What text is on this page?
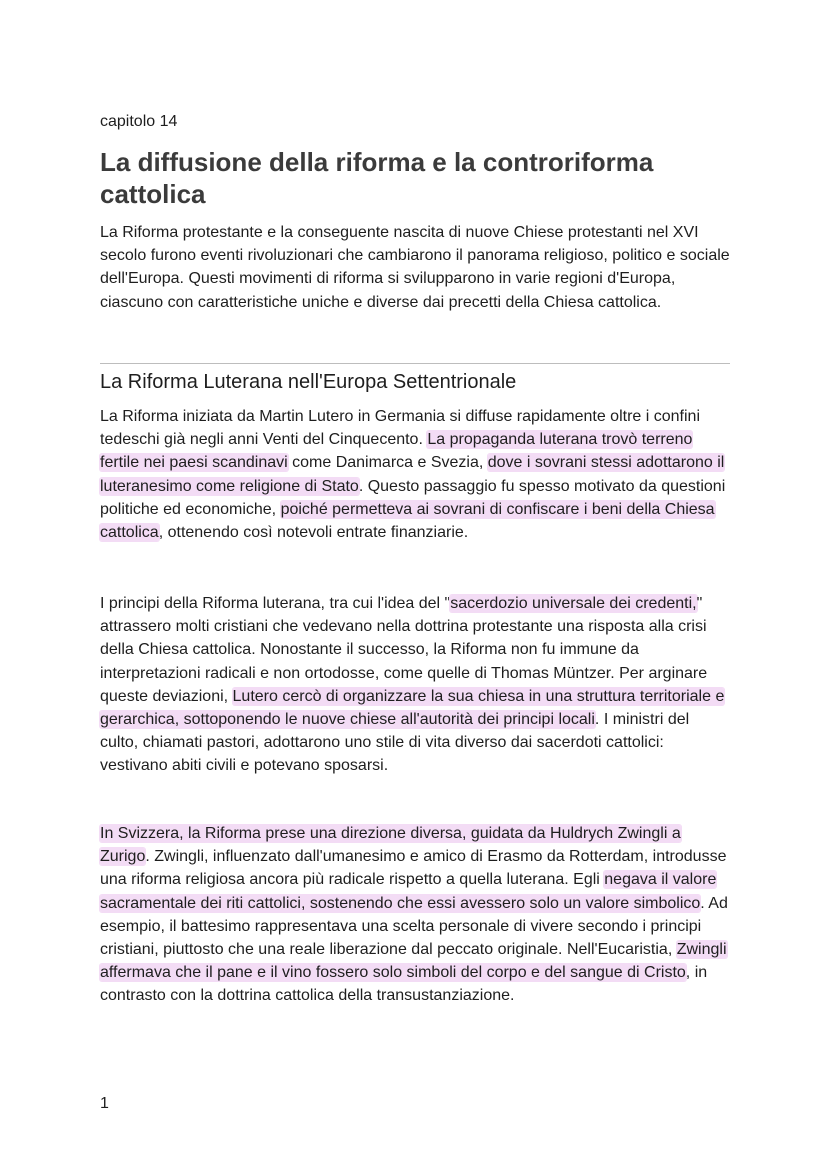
capitolo 14
La diffusione della riforma e la controriforma cattolica

La Riforma protestante e la conseguente nascita di nuove Chiese protestanti nel XVI secolo furono eventi rivoluzionari che cambiarono il panorama religioso, politico e sociale dell'Europa. Questi movimenti di riforma si svilupparono in varie regioni d'Europa, ciascuno con caratteristiche uniche e diverse dai precetti della Chiesa cattolica.

La Riforma Luterana nell'Europa Settentrionale

La Riforma iniziata da Martin Lutero in Germania si diffuse rapidamente oltre i confini tedeschi già negli anni Venti del Cinquecento. La propaganda luterana trovò terreno fertile nei paesi scandinavi come Danimarca e Svezia, dove i sovrani stessi adottarono il luteranesimo come religione di Stato. Questo passaggio fu spesso motivato da questioni politiche ed economiche, poiché permetteva ai sovrani di confiscare i beni della Chiesa cattolica, ottenendo così notevoli entrate finanziarie.

I principi della Riforma luterana, tra cui l'idea del "sacerdozio universale dei credenti," attrassero molti cristiani che vedevano nella dottrina protestante una risposta alla crisi della Chiesa cattolica. Nonostante il successo, la Riforma non fu immune da interpretazioni radicali e non ortodosse, come quelle di Thomas Müntzer. Per arginare queste deviazioni, Lutero cercò di organizzare la sua chiesa in una struttura territoriale e gerarchica, sottoponendo le nuove chiese all'autorità dei principi locali. I ministri del culto, chiamati pastori, adottarono uno stile di vita diverso dai sacerdoti cattolici: vestivano abiti civili e potevano sposarsi.

In Svizzera, la Riforma prese una direzione diversa, guidata da Huldrych Zwingli a Zurigo. Zwingli, influenzato dall'umanesimo e amico di Erasmo da Rotterdam, introdusse una riforma religiosa ancora più radicale rispetto a quella luterana. Egli negava il valore sacramentale dei riti cattolici, sostenendo che essi avessero solo un valore simbolico. Ad esempio, il battesimo rappresentava una scelta personale di vivere secondo i principi cristiani, piuttosto che una reale liberazione dal peccato originale. Nell'Eucaristia, Zwingli affermava che il pane e il vino fossero solo simboli del corpo e del sangue di Cristo, in contrasto con la dottrina cattolica della transustanziazione.

1
